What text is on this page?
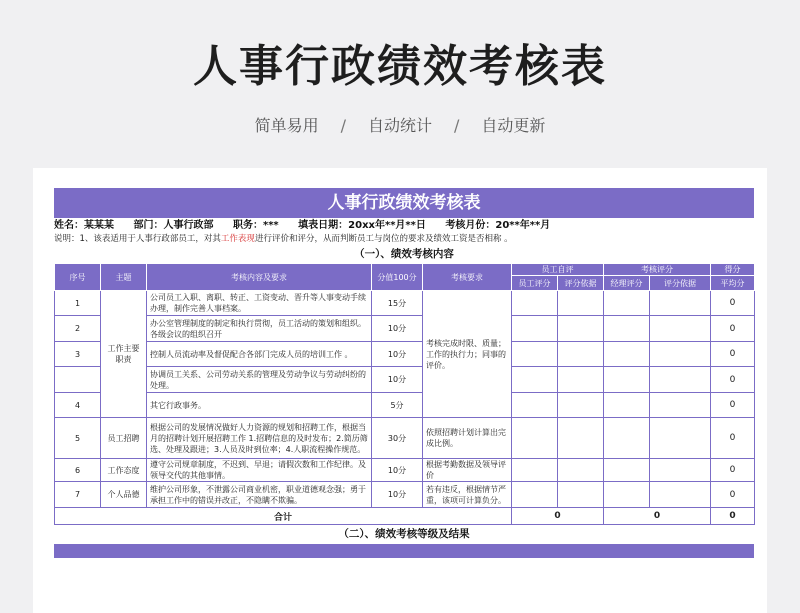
人事行政绩效考核表
简单易用 / 自动统计 / 自动更新
人事行政绩效考核表
姓名：某某某 部门：人事行政部 职务：*** 填表日期：20xx年**月**日 考核月份：20**年**月
说明：1、该表适用于人事行政部员工，对其工作表现进行评价和评分，从而判断员工与岗位的要求及绩效工资是否相称 。
（一）、绩效考核内容
序号	主题	考核内容及要求	分值100分	考核要求	员工自评		考核评分		得分
					员工评分	评分依据	经理评分	评分依据	平均分
1	工作主要职责	公司员工入职、离职、转正、工资变动、晋升等人事变动手续办理，制作完善人事档案。	15分	考核完成时限、质量；工作的执行力；同事的评价。					0
2		办公室管理制度的制定和执行贯彻，员工活动的策划和组织。各级会议的组织召开	10分						0
3		控制人员流动率及督促配合各部门完成人员的培训工作 。	10分						0
		协调员工关系、公司劳动关系的管理及劳动争议与劳动纠纷的处理。	10分						0
4		其它行政事务。	5分						0
5	员工招聘	根据公司的发展情况做好人力资源的规划和招聘工作，根据当月的招聘计划开展招聘工作 1.招聘信息的及时发布；2.简历筛选、处理及跟进；3.人员及时到位率；4.人职流程操作规范。	30分	依照招聘计划计算出完成比例。					0
6	工作态度	遵守公司规章制度，不迟到、早退；请假次数和工作纪律。及领导交代的其他事情。	10分	根据考勤数据及领导评价					0
7	个人品德	维护公司形象，不泄露公司商业机密，职业道德观念强；勇于承担工作中的错误并改正，不隐瞒不欺骗。	10分	若有违反，根据情节严重，该项可计算负分。					0
合计					0		0		0
（二）、绩效考核等级及结果
